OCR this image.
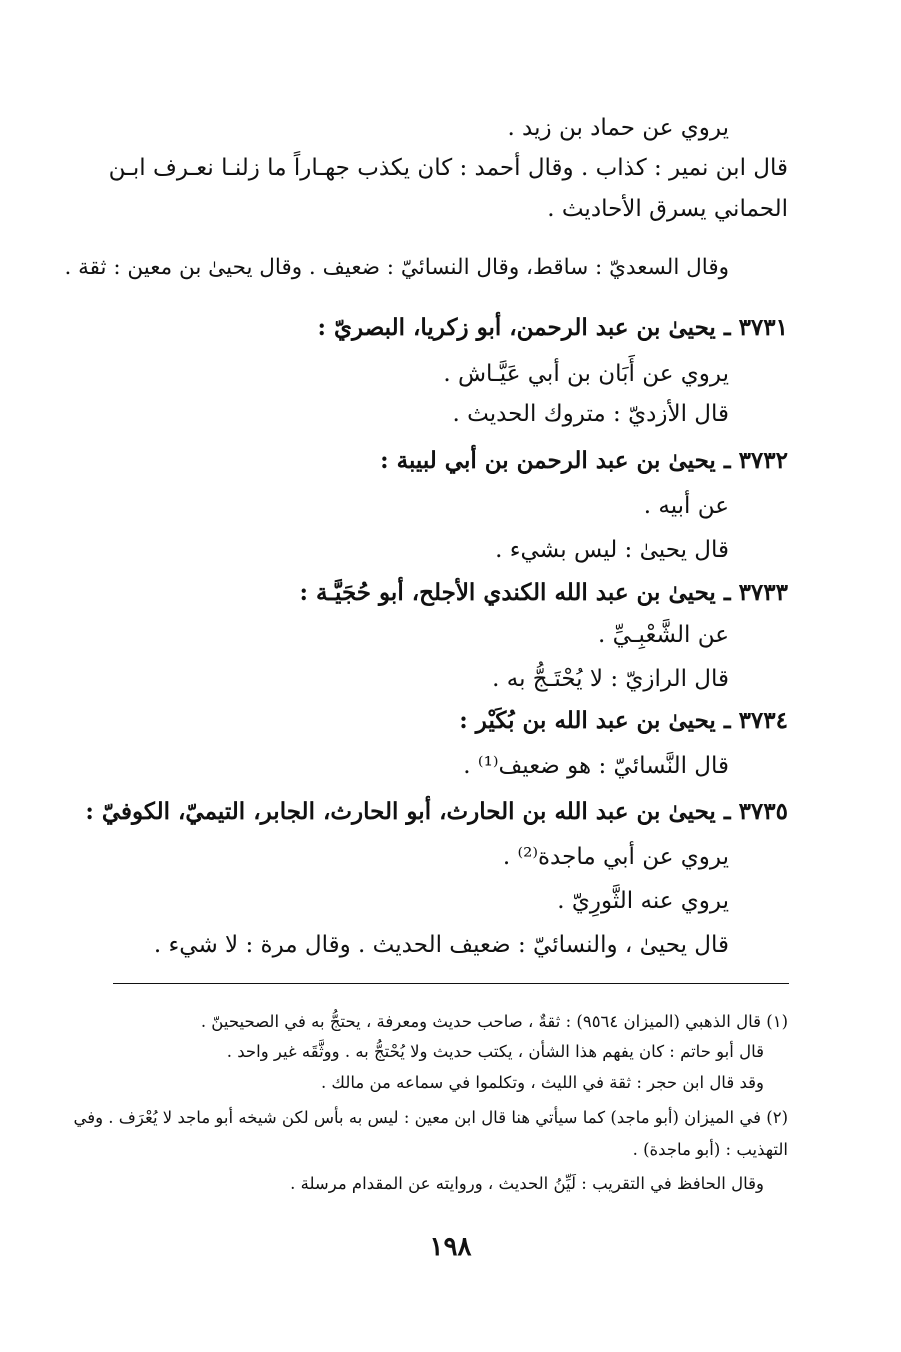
يروي عن حماد بن زيد .

قال ابن نمير : كذاب . وقال أحمد : كان يكذب جهـاراً ما زلنـا نعـرف ابـن

الحماني يسرق الأحاديث .

وقال السعديّ : ساقط، وقال النسائيّ : ضعيف . وقال يحيىٰ بن معين : ثقة .

٣٧٣١ ـ يحيىٰ بن عبد الرحمن، أبو زكريا، البصريّ :

يروي عن أَبَان بن أبي عَيَّـاش .

قال الأزديّ : متروك الحديث .

٣٧٣٢ ـ يحيىٰ بن عبد الرحمن بن أبي لبيبة :

عن أبيه .

قال يحيىٰ : ليس بشيء .

٣٧٣٣ ـ يحيىٰ بن عبد الله الكندي الأجلح، أبو حُجَيَّـة :

عن الشَّعْبِـيِّ .

قال الرازيّ : لا يُحْتَـجُّ به .

٣٧٣٤ ـ يحيىٰ بن عبد الله بن بُكَيْر :

قال النَّسائيّ : هو ضعيف⁽¹⁾ .

٣٧٣٥ ـ يحيىٰ بن عبد الله بن الحارث، أبو الحارث، الجابر، التيميّ، الكوفيّ :

يروي عن أبي ماجدة⁽²⁾ .

يروي عنه الثَّورِيّ .

قال يحيىٰ ، والنسائيّ : ضعيف الحديث . وقال مرة : لا شيء .

(١) قال الذهبي (الميزان ٩٥٦٤) : ثقةٌ ، صاحب حديث ومعرفة ، يحتجُّ به في الصحيحينّ .

قال أبو حاتم : كان يفهم هذا الشأن ، يكتب حديث ولا يُحْتجُّ به . ووثَّقَه غير واحد .

وقد قال ابن حجر : ثقة في الليث ، وتكلموا في سماعه من مالك .

(٢) في الميزان (أبو ماجد) كما سيأتي هنا قال ابن معين : ليس به بأس لكن شيخه أبو ماجد لا يُعْرَف . وفي

التهذيب : (أبو ماجدة) .

وقال الحافظ في التقريب : لَيِّنُ الحديث ، وروايته عن المقدام مرسلة .

١٩٨
